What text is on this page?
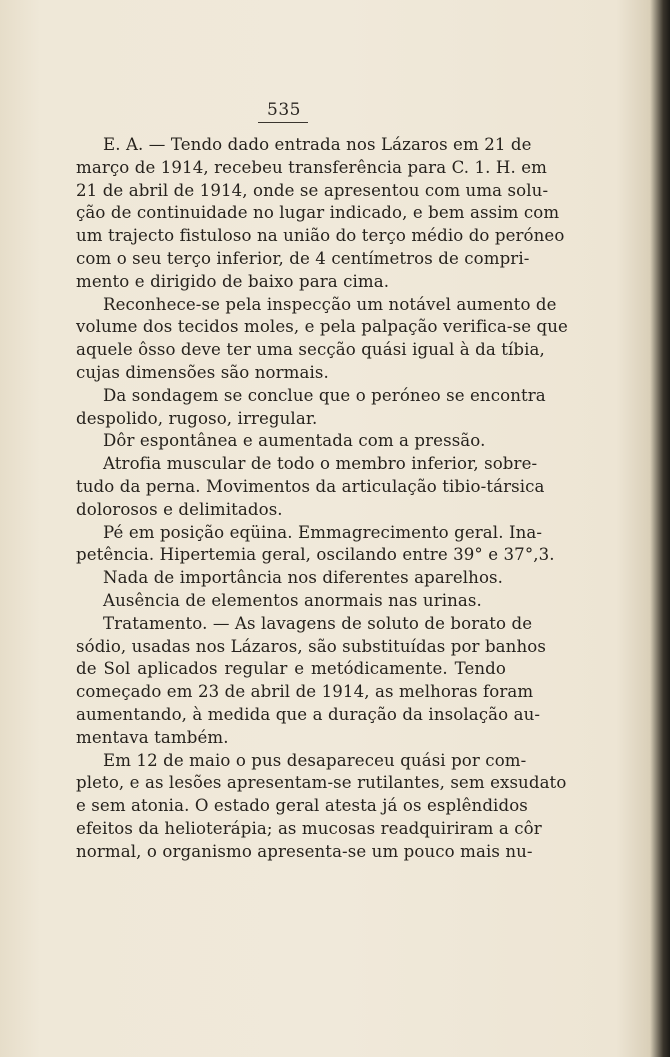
535
E. A. — Tendo dado entrada nos Lázaros em 21 de
março de 1914, recebeu transferência para C. 1. H. em
21 de abril de 1914, onde se apresentou com uma solu-
ção de continuidade no lugar indicado, e bem assim com
um trajecto fistuloso na união do terço médio do peróneo
com o seu terço inferior, de 4 centímetros de compri-
mento e dirigido de baixo para cima.
Reconhece-se pela inspecção um notável aumento de
volume dos tecidos moles, e pela palpação verifica-se que
aquele ôsso deve ter uma secção quási igual à da tíbia,
cujas dimensões são normais.
Da sondagem se conclue que o peróneo se encontra
despolido, rugoso, irregular.
Dôr espontânea e aumentada com a pressão.
Atrofia muscular de todo o membro inferior, sobre-
tudo da perna. Movimentos da articulação tibio-társica
dolorosos e delimitados.
Pé em posição eqüina. Emmagrecimento geral. Ina-
petência. Hipertemia geral, oscilando entre 39° e 37°,3.
Nada de importância nos diferentes aparelhos.
Ausência de elementos anormais nas urinas.
Tratamento. — As lavagens de soluto de borato de
sódio, usadas nos Lázaros, são substituídas por banhos
de Sol aplicados regular e metódicamente. Tendo
começado em 23 de abril de 1914, as melhoras foram
aumentando, à medida que a duração da insolação au-
mentava também.
Em 12 de maio o pus desapareceu quási por com-
pleto, e as lesões apresentam-se rutilantes, sem exsudato
e sem atonia. O estado geral atesta já os esplêndidos
efeitos da helioterápia; as mucosas readquiriram a côr
normal, o organismo apresenta-se um pouco mais nu-
